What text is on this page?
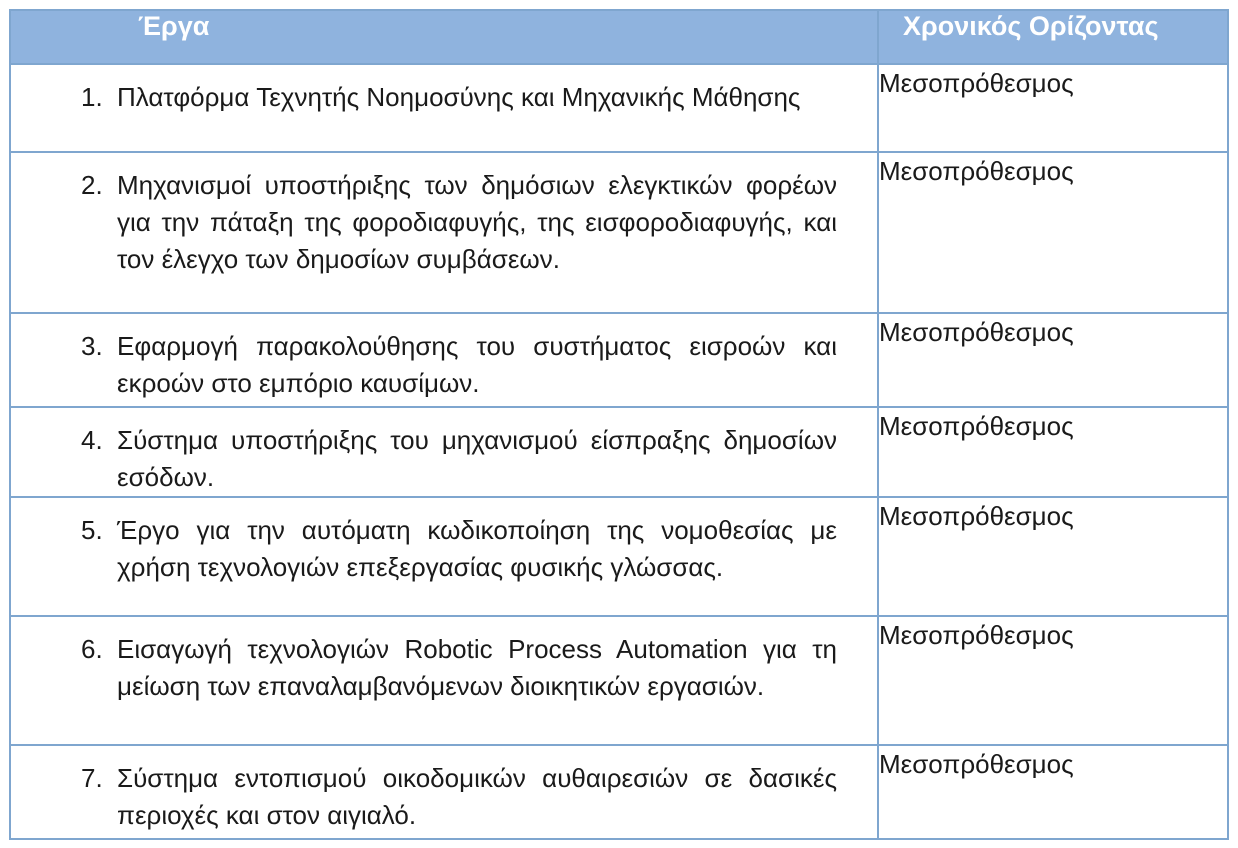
Έργα	Χρονικός Ορίζοντας

1. Πλατφόρμα Τεχνητής Νοημοσύνης και Μηχανικής Μάθησης	Μεσοπρόθεσμος

2. Μηχανισμοί υποστήριξης των δημόσιων ελεγκτικών φορέων για την πάταξη της φοροδιαφυγής, της εισφοροδιαφυγής, και τον έλεγχο των δημοσίων συμβάσεων.	Μεσοπρόθεσμος

3. Εφαρμογή παρακολούθησης του συστήματος εισροών και εκροών στο εμπόριο καυσίμων.	Μεσοπρόθεσμος

4. Σύστημα υποστήριξης του μηχανισμού είσπραξης δημοσίων εσόδων.	Μεσοπρόθεσμος

5. Έργο για την αυτόματη κωδικοποίηση της νομοθεσίας με χρήση τεχνολογιών επεξεργασίας φυσικής γλώσσας.	Μεσοπρόθεσμος

6. Εισαγωγή τεχνολογιών Robotic Process Automation για τη μείωση των επαναλαμβανόμενων διοικητικών εργασιών.	Μεσοπρόθεσμος

7. Σύστημα εντοπισμού οικοδομικών αυθαιρεσιών σε δασικές περιοχές και στον αιγιαλό.	Μεσοπρόθεσμος
